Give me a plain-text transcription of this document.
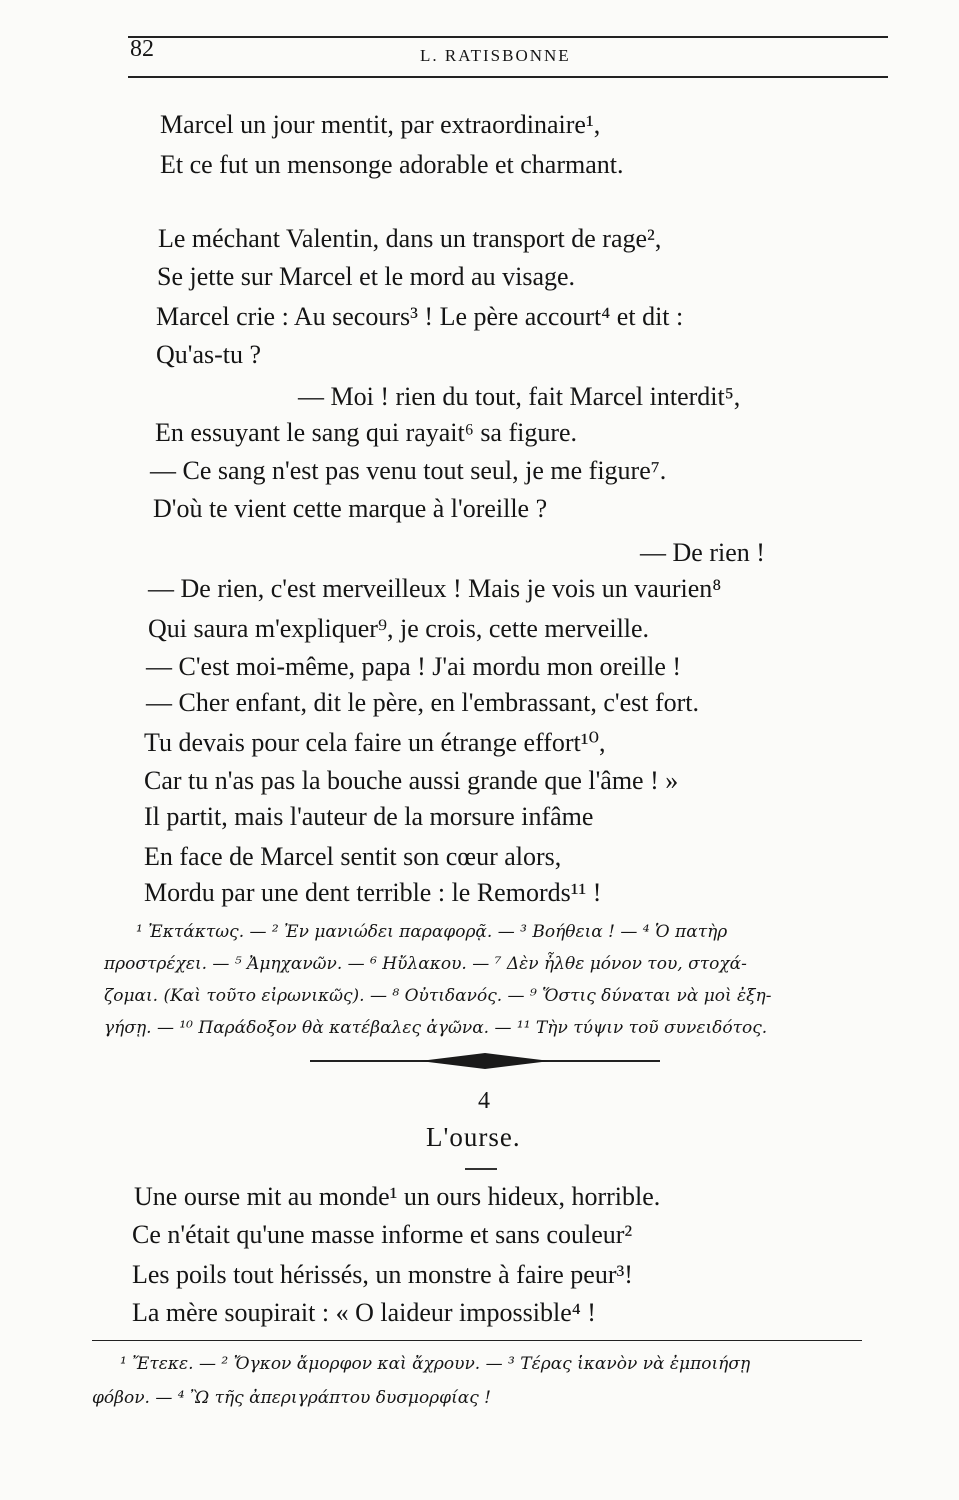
82	L. RATISBONNE
Marcel un jour mentit, par extraordinaire¹,
Et ce fut un mensonge adorable et charmant.
Le méchant Valentin, dans un transport de rage²,
Se jette sur Marcel et le mord au visage.
Marcel crie : Au secours³ ! Le père accourt⁴ et dit :
Qu'as-tu ?
— Moi ! rien du tout, fait Marcel interdit⁵,
En essuyant le sang qui rayait⁶ sa figure.
— Ce sang n'est pas venu tout seul, je me figure⁷.
D'où te vient cette marque à l'oreille ?
— De rien !
— De rien, c'est merveilleux ! Mais je vois un vaurien⁸
Qui saura m'expliquer⁹, je crois, cette merveille.
— C'est moi-même, papa ! J'ai mordu mon oreille !
— Cher enfant, dit le père, en l'embrassant, c'est fort.
Tu devais pour cela faire un étrange effort¹⁰,
Car tu n'as pas la bouche aussi grande que l'âme ! »
Il partit, mais l'auteur de la morsure infâme
En face de Marcel sentit son cœur alors,
Mordu par une dent terrible : le Remords¹¹ !
¹ Ἐκτάκτως. — ² Ἐν μανιώδει παραφορᾷ. — ³ Βοήθεια ! — ⁴ Ὁ πατὴρ
προστρέχει. — ⁵ Ἀμηχανῶν. — ⁶ Ηὔλακου. — ⁷ Δὲν ἦλθε μόνον του, στοχά-
ζομαι. (Καὶ τοῦτο εἰρωνικῶς). — ⁸ Οὐτιδανός. — ⁹ Ὅστις δύναται νὰ μοὶ ἐξη-
γήσῃ. — ¹⁰ Παράδοξον θὰ κατέβαλες ἀγῶνα. — ¹¹ Τὴν τύψιν τοῦ συνειδότος.
4
L'ourse.
Une ourse mit au monde¹ un ours hideux, horrible.
Ce n'était qu'une masse informe et sans couleur²
Les poils tout hérissés, un monstre à faire peur³!
La mère soupirait : « O laideur impossible⁴ !
¹ Ἔτεκε. — ² Ὄγκον ἄμορφον καὶ ἄχρουν. — ³ Τέρας ἱκανὸν νὰ ἐμποιήσῃ
φόβον. — ⁴ Ὢ τῆς ἀπεριγράπτου δυσμορφίας !
